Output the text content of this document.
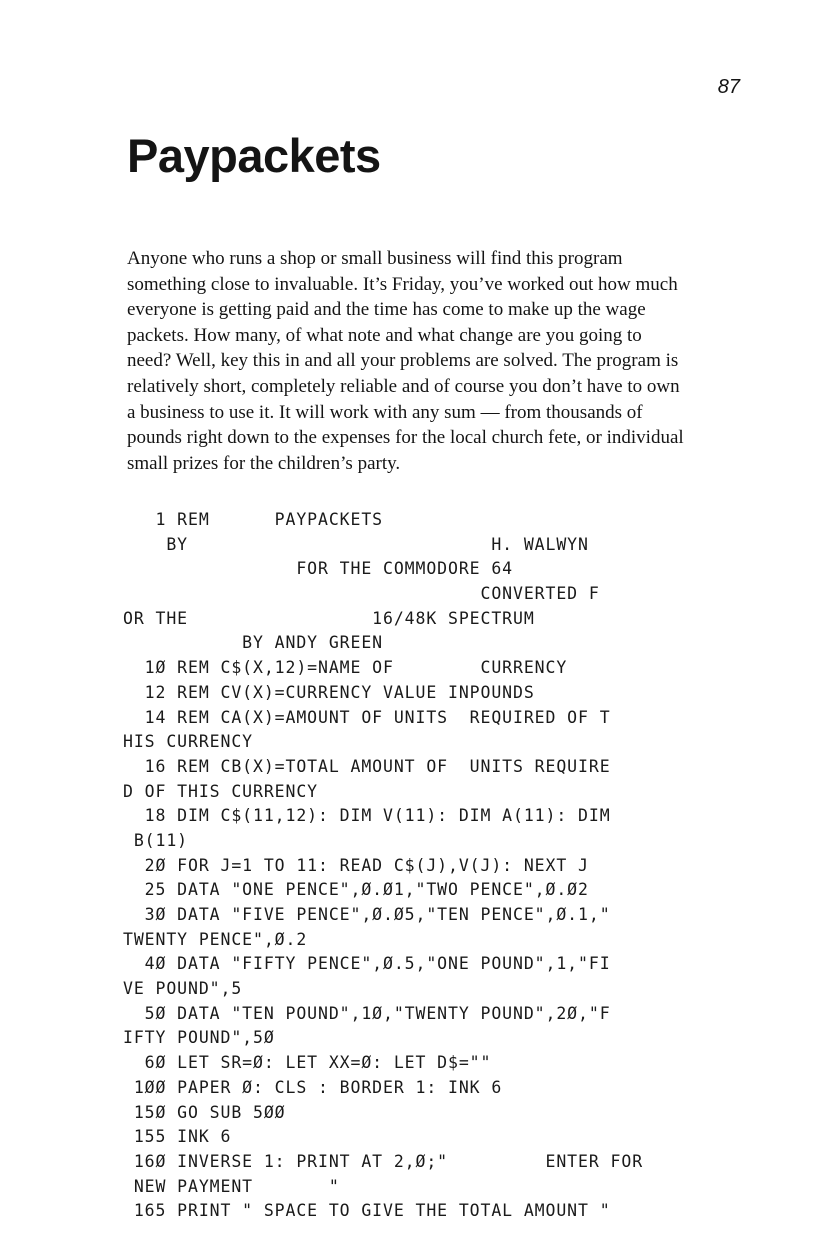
87
Paypackets
Anyone who runs a shop or small business will find this program
something close to invaluable. It’s Friday, you’ve worked out how much
everyone is getting paid and the time has come to make up the wage
packets. How many, of what note and what change are you going to
need? Well, key this in and all your problems are solved. The program is
relatively short, completely reliable and of course you don’t have to own
a business to use it. It will work with any sum — from thousands of
pounds right down to the expenses for the local church fete, or individual
small prizes for the children’s party.
1 REM      PAYPACKETS
BY                            H. WALWYN
FOR THE COMMODORE 64
CONVERTED F
OR THE                 16/48K SPECTRUM
BY ANDY GREEN
1Ø REM C$(X,12)=NAME OF        CURRENCY
12 REM CV(X)=CURRENCY VALUE INPOUNDS
14 REM CA(X)=AMOUNT OF UNITS  REQUIRED OF T
HIS CURRENCY
16 REM CB(X)=TOTAL AMOUNT OF  UNITS REQUIRE
D OF THIS CURRENCY
18 DIM C$(11,12): DIM V(11): DIM A(11): DIM
B(11)
2Ø FOR J=1 TO 11: READ C$(J),V(J): NEXT J
25 DATA "ONE PENCE",Ø.Ø1,"TWO PENCE",Ø.Ø2
3Ø DATA "FIVE PENCE",Ø.Ø5,"TEN PENCE",Ø.1,"
TWENTY PENCE",Ø.2
4Ø DATA "FIFTY PENCE",Ø.5,"ONE POUND",1,"FI
VE POUND",5
5Ø DATA "TEN POUND",1Ø,"TWENTY POUND",2Ø,"F
IFTY POUND",5Ø
6Ø LET SR=Ø: LET XX=Ø: LET D$=""
1ØØ PAPER Ø: CLS : BORDER 1: INK 6
15Ø GO SUB 5ØØ
155 INK 6
16Ø INVERSE 1: PRINT AT 2,Ø;"         ENTER FOR
NEW PAYMENT       "
165 PRINT " SPACE TO GIVE THE TOTAL AMOUNT "
